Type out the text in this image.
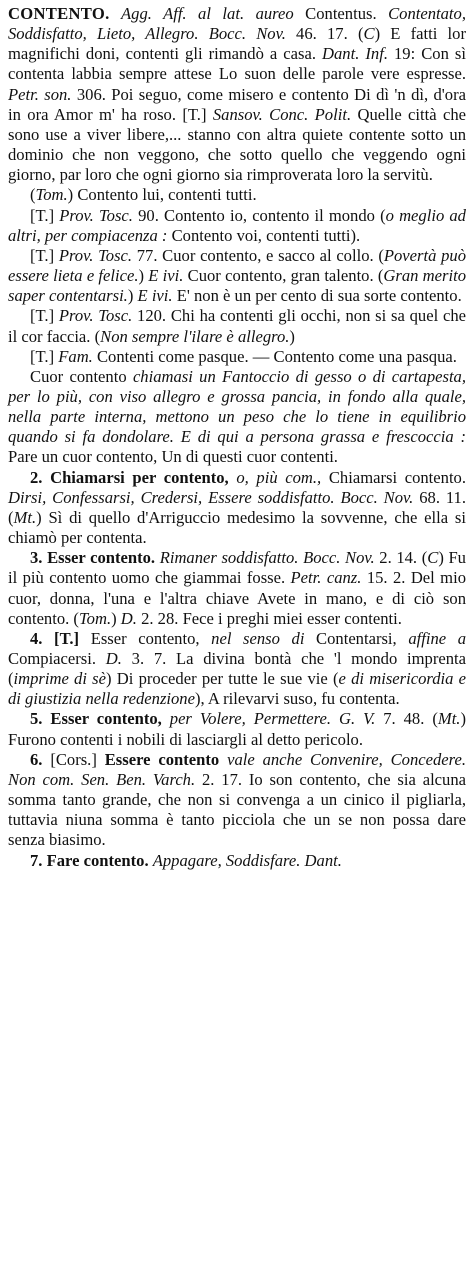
CONTENTO. Agg. Aff. al lat. aureo Contentus. Contentato, Soddisfatto, Lieto, Allegro. Bocc. Nov. 46. 17. (C) E fatti lor magnifichi doni, contenti gli rimandò a casa. Dant. Inf. 19: Con sì contenta labbia sempre attese Lo suon delle parole vere espresse. Petr. son. 306. Poi seguo, come misero e contento Di dì 'n dì, d'ora in ora Amor m' ha roso. [T.] Sansov. Conc. Polit. Quelle città che sono use a viver libere,... stanno con altra quiete contente sotto un dominio che non veggono, che sotto quello che veggendo ogni giorno, par loro che ogni giorno sia rimproverata loro la servitù.

(Tom.) Contento lui, contenti tutti.

[T.] Prov. Tosc. 90. Contento io, contento il mondo (o meglio ad altri, per compiacenza : Contento voi, contenti tutti).

[T.] Prov. Tosc. 77. Cuor contento, e sacco al collo. (Povertà può essere lieta e felice.) E ivi. Cuor contento, gran talento. (Gran merito saper contentarsi.) E ivi. E' non è un per cento di sua sorte contento.

[T.] Prov. Tosc. 120. Chi ha contenti gli occhi, non si sa quel che il cor faccia. (Non sempre l'ilare è allegro.)

[T.] Fam. Contenti come pasque. — Contento come una pasqua.

Cuor contento chiamasi un Fantoccio di gesso o di cartapesta, per lo più, con viso allegro e grossa pancia, in fondo alla quale, nella parte interna, mettono un peso che lo tiene in equilibrio quando si fa dondolare. E di qui a persona grassa e frescoccia : Pare un cuor contento, Un di questi cuor contenti.

2. Chiamarsi per contento, o, più com., Chiamarsi contento. Dirsi, Confessarsi, Credersi, Essere soddisfatto. Bocc. Nov. 68. 11. (Mt.) Sì di quello d'Arriguccio medesimo la sovvenne, che ella si chiamò per contenta.

3. Esser contento. Rimaner soddisfatto. Bocc. Nov. 2. 14. (C) Fu il più contento uomo che giammai fosse. Petr. canz. 15. 2. Del mio cuor, donna, l'una e l'altra chiave Avete in mano, e di ciò son contento. (Tom.) D. 2. 28. Fece i preghi miei esser contenti.

4. [T.] Esser contento, nel senso di Contentarsi, affine a Compiacersi. D. 3. 7. La divina bontà che 'l mondo imprenta (imprime di sè) Di proceder per tutte le sue vie (e di misericordia e di giustizia nella redenzione), A rilevarvi suso, fu contenta.

5. Esser contento, per Volere, Permettere. G. V. 7. 48. (Mt.) Furono contenti i nobili di lasciargli al detto pericolo.

6. [Cors.] Essere contento vale anche Convenire, Concedere. Non com. Sen. Ben. Varch. 2. 17. Io son contento, che sia alcuna somma tanto grande, che non si convenga a un cinico il pigliarla, tuttavia niuna somma è tanto picciola che un se non possa dare senza biasimo.

7. Fare contento. Appagare, Soddisfare. Dant.
